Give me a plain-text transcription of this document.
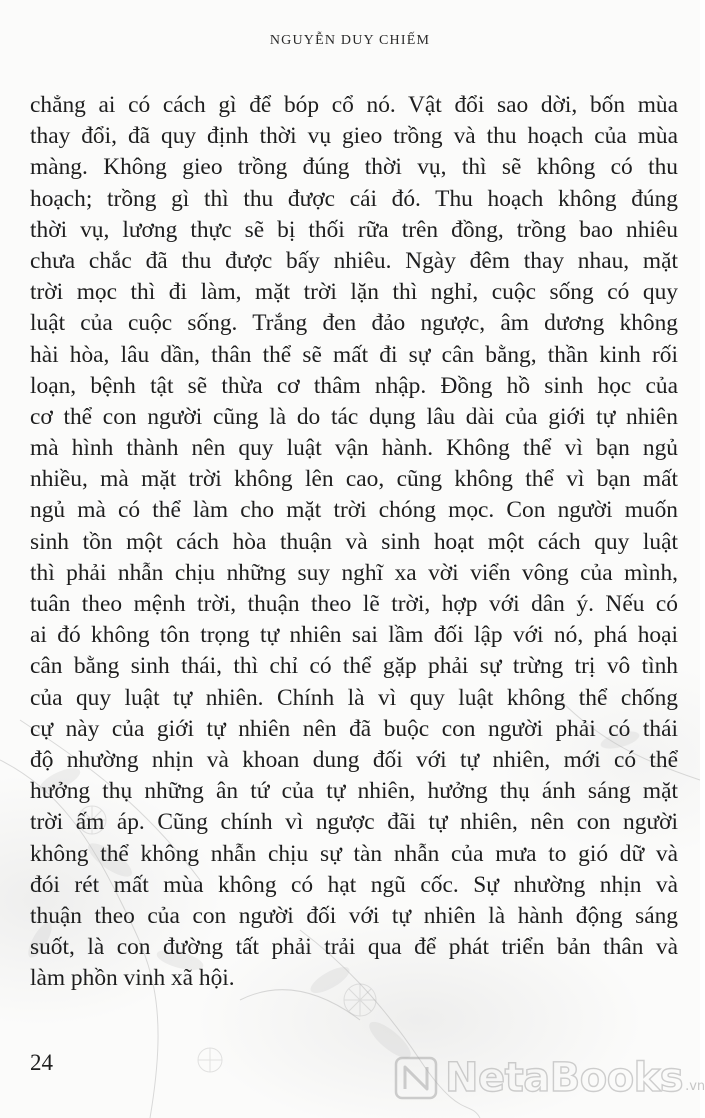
NGUYỄN DUY CHIẾM
chẳng ai có cách gì để bóp cổ nó. Vật đổi sao dời, bốn mùa
thay đổi, đã quy định thời vụ gieo trồng và thu hoạch của mùa
màng. Không gieo trồng đúng thời vụ, thì sẽ không có thu
hoạch; trồng gì thì thu được cái đó. Thu hoạch không đúng
thời vụ, lương thực sẽ bị thối rữa trên đồng, trồng bao nhiêu
chưa chắc đã thu được bấy nhiêu. Ngày đêm thay nhau, mặt
trời mọc thì đi làm, mặt trời lặn thì nghỉ, cuộc sống có quy
luật của cuộc sống. Trắng đen đảo ngược, âm dương không
hài hòa, lâu dần, thân thể sẽ mất đi sự cân bằng, thần kinh rối
loạn, bệnh tật sẽ thừa cơ thâm nhập. Đồng hồ sinh học của
cơ thể con người cũng là do tác dụng lâu dài của giới tự nhiên
mà hình thành nên quy luật vận hành. Không thể vì bạn ngủ
nhiều, mà mặt trời không lên cao, cũng không thể vì bạn mất
ngủ mà có thể làm cho mặt trời chóng mọc. Con người muốn
sinh tồn một cách hòa thuận và sinh hoạt một cách quy luật
thì phải nhẫn chịu những suy nghĩ xa vời viển vông của mình,
tuân theo mệnh trời, thuận theo lẽ trời, hợp với dân ý. Nếu có
ai đó không tôn trọng tự nhiên sai lầm đối lập với nó, phá hoại
cân bằng sinh thái, thì chỉ có thể gặp phải sự trừng trị vô tình
của quy luật tự nhiên. Chính là vì quy luật không thể chống
cự này của giới tự nhiên nên đã buộc con người phải có thái
độ nhường nhịn và khoan dung đối với tự nhiên, mới có thể
hưởng thụ những ân tứ của tự nhiên, hưởng thụ ánh sáng mặt
trời ấm áp. Cũng chính vì ngược đãi tự nhiên, nên con người
không thể không nhẫn chịu sự tàn nhẫn của mưa to gió dữ và
đói rét mất mùa không có hạt ngũ cốc. Sự nhường nhịn và
thuận theo của con người đối với tự nhiên là hành động sáng
suốt, là con đường tất phải trải qua để phát triển bản thân và
làm phồn vinh xã hội.
24	NetaBooks .vn
